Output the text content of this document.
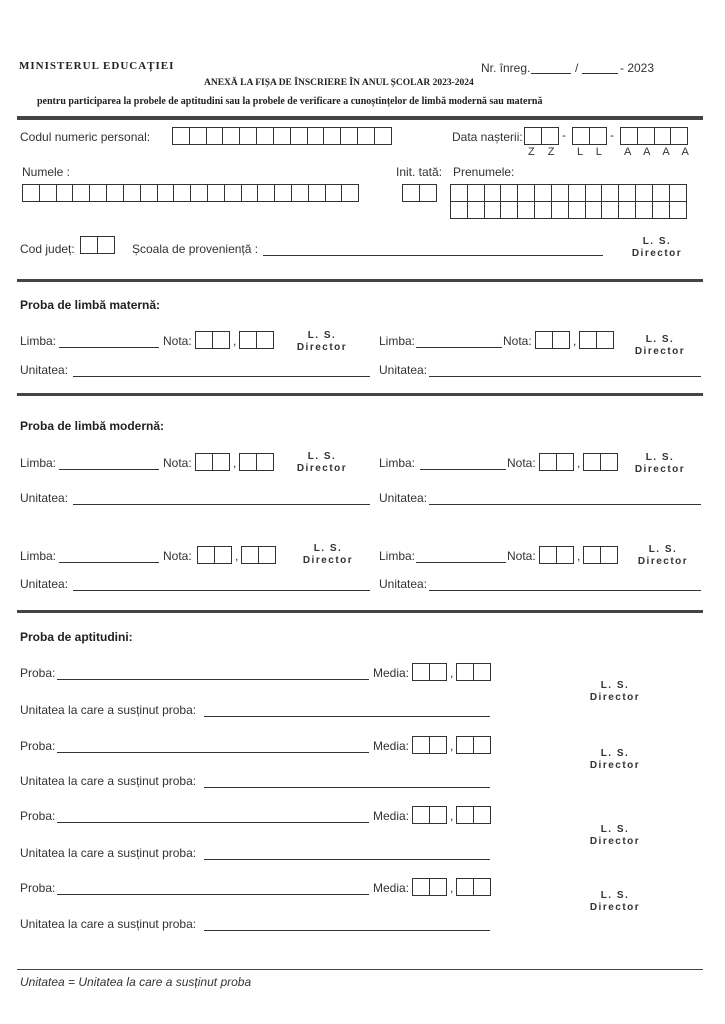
MINISTERUL EDUCAȚIEI	Nr. înreg.	/	- 2023
ANEXĂ LA FIȘA DE ÎNSCRIERE ÎN ANUL ȘCOLAR 2023-2024
pentru participarea la probele de aptitudini sau la probele de verificare a cunoștințelor de limbă modernă sau maternă
Codul numeric personal:	Data nașterii:	-	-
Z Z L L A A A A
Numele :	Init. tată: Prenumele:
Cod județ:	Școala de proveniență :
L. S.
Director
Proba de limbă maternă:
Limba:	Nota:	,	L. S.
Director
Unitatea:
Limba:	Nota:	,	L. S.
Director
Unitatea:
Proba de limbă modernă:
Limba:	Nota:	,	L. S.
Director
Unitatea:
Limba:	Nota:	,	L. S.
Director
Unitatea:
Limba:	Nota:	,
L. S.
Director
Unitatea:
Limba:	Nota:	,	L. S.
Director
Unitatea:
Proba de aptitudini:
Proba:	Media:	,
Unitatea la care a susținut proba:
L. S.
Director
Proba:	Media:	,
Unitatea la care a susținut proba:
L. S.
Director
Proba:	Media:	,
Unitatea la care a susținut proba:
L. S.
Director
Proba:	Media:	,
Unitatea la care a susținut proba:
L. S.
Director
Unitatea = Unitatea la care a susținut proba
